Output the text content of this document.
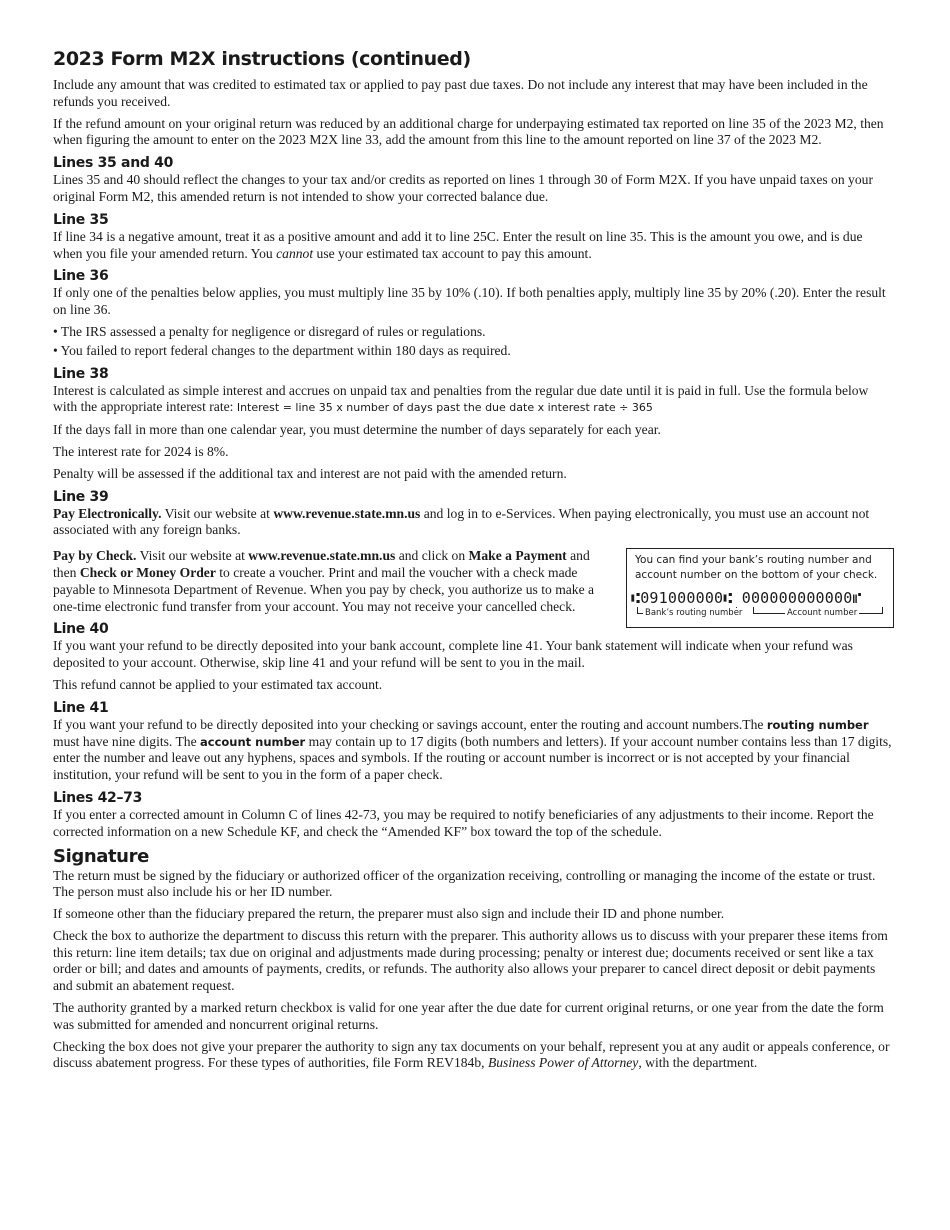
2023 Form M2X instructions (continued)

Include any amount that was credited to estimated tax or applied to pay past due taxes. Do not include any interest that may have been included in the refunds you received.

If the refund amount on your original return was reduced by an additional charge for underpaying estimated tax reported on line 35 of the 2023 M2, then when figuring the amount to enter on the 2023 M2X line 33, add the amount from this line to the amount reported on line 37 of the 2023 M2.

Lines 35 and 40

Lines 35 and 40 should reflect the changes to your tax and/or credits as reported on lines 1 through 30 of Form M2X. If you have unpaid taxes on your original Form M2, this amended return is not intended to show your corrected balance due.

Line 35

If line 34 is a negative amount, treat it as a positive amount and add it to line 25C. Enter the result on line 35. This is the amount you owe, and is due when you file your amended return. You cannot use your estimated tax account to pay this amount.

Line 36

If only one of the penalties below applies, you must multiply line 35 by 10% (.10). If both penalties apply, multiply line 35 by 20% (.20). Enter the result on line 36.

• The IRS assessed a penalty for negligence or disregard of rules or regulations.
• You failed to report federal changes to the department within 180 days as required.
Line 38

Interest is calculated as simple interest and accrues on unpaid tax and penalties from the regular due date until it is paid in full. Use the formula below with the appropriate interest rate: Interest = line 35 x number of days past the due date x interest rate ÷ 365

If the days fall in more than one calendar year, you must determine the number of days separately for each year.

The interest rate for 2024 is 8%.

Penalty will be assessed if the additional tax and interest are not paid with the amended return.

Line 39

Pay Electronically. Visit our website at www.revenue.state.mn.us and log in to e-Services. When paying electronically, you must use an account not associated with any foreign banks.

Pay by Check. Visit our website at www.revenue.state.mn.us and click on Make a Payment and then Check or Money Order to create a voucher. Print and mail the voucher with a check made payable to Minnesota Department of Revenue. When you pay by check, you authorize us to make a one-time electronic fund transfer from your account. You may not receive your cancelled check.

You can find your bank’s routing number and account number on the bottom of your check.
⑆091000000⑆ 000000000000⑈
Bank’s routing number	Account number
Line 40

If you want your refund to be directly deposited into your bank account, complete line 41. Your bank statement will indicate when your refund was deposited to your account. Otherwise, skip line 41 and your refund will be sent to you in the mail.

This refund cannot be applied to your estimated tax account.

Line 41

If you want your refund to be directly deposited into your checking or savings account, enter the routing and account numbers.The routing number must have nine digits. The account number may contain up to 17 digits (both numbers and letters). If your account number contains less than 17 digits, enter the number and leave out any hyphens, spaces and symbols. If the routing or account number is incorrect or is not accepted by your financial institution, your refund will be sent to you in the form of a paper check.

Lines 42–73

If you enter a corrected amount in Column C of lines 42-73, you may be required to notify beneficiaries of any adjustments to their income. Report the corrected information on a new Schedule KF, and check the “Amended KF” box toward the top of the schedule.

Signature

The return must be signed by the fiduciary or authorized officer of the organization receiving, controlling or managing the income of the estate or trust. The person must also include his or her ID number.

If someone other than the fiduciary prepared the return, the preparer must also sign and include their ID and phone number.

Check the box to authorize the department to discuss this return with the preparer. This authority allows us to discuss with your preparer these items from this return: line item details; tax due on original and adjustments made during processing; penalty or interest due; documents received or sent like a tax order or bill; and dates and amounts of payments, credits, or refunds. The authority also allows your preparer to cancel direct deposit or debit payments and submit an abatement request.

The authority granted by a marked return checkbox is valid for one year after the due date for current original returns, or one year from the date the form was submitted for amended and noncurrent original returns.

Checking the box does not give your preparer the authority to sign any tax documents on your behalf, represent you at any audit or appeals conference, or discuss abatement progress. For these types of authorities, file Form REV184b, Business Power of Attorney, with the department.
